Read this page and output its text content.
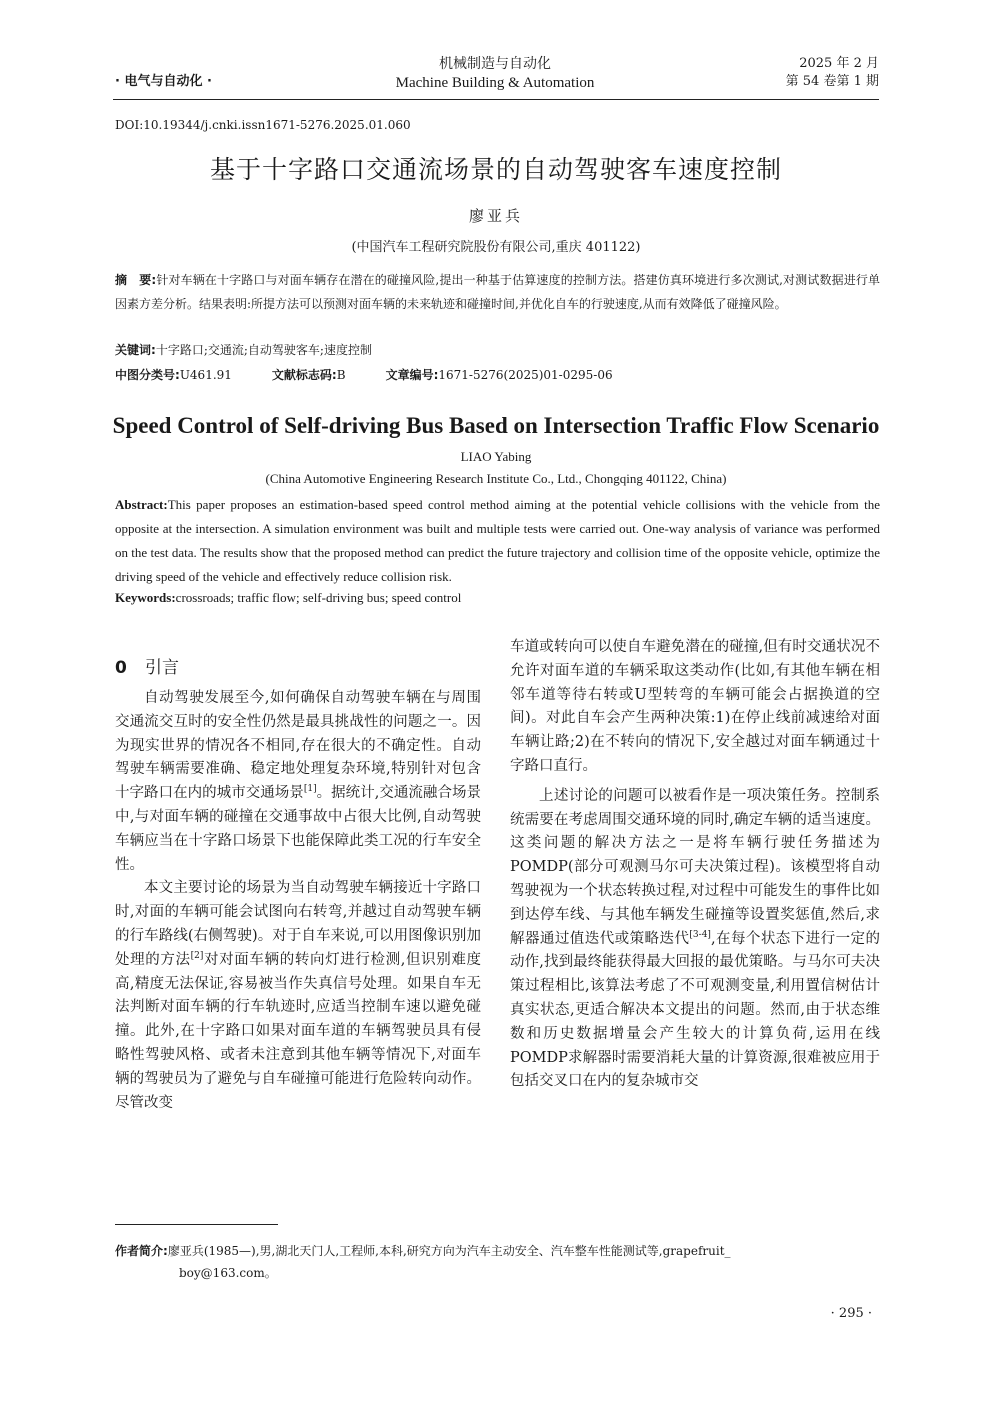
· 电气与自动化 ·
机械制造与自动化
Machine Building & Automation
2025 年 2 月
第 54 卷第 1 期
DOI:10.19344/j.cnki.issn1671-5276.2025.01.060
基于十字路口交通流场景的自动驾驶客车速度控制
廖亚兵
(中国汽车工程研究院股份有限公司,重庆 401122)
摘　要:针对车辆在十字路口与对面车辆存在潜在的碰撞风险,提出一种基于估算速度的控制方法。搭建仿真环境进行多次测试,对测试数据进行单因素方差分析。结果表明:所提方法可以预测对面车辆的未来轨迹和碰撞时间,并优化自车的行驶速度,从而有效降低了碰撞风险。
关键词:十字路口;交通流;自动驾驶客车;速度控制
中图分类号:U461.91	文献标志码:B	文章编号:1671-5276(2025)01-0295-06
Speed Control of Self-driving Bus Based on Intersection Traffic Flow Scenario
LIAO Yabing
(China Automotive Engineering Research Institute Co., Ltd., Chongqing 401122, China)
Abstract:This paper proposes an estimation-based speed control method aiming at the potential vehicle collisions with the vehicle from the opposite at the intersection. A simulation environment was built and multiple tests were carried out. One-way analysis of variance was performed on the test data. The results show that the proposed method can predict the future trajectory and collision time of the opposite vehicle, optimize the driving speed of the vehicle and effectively reduce collision risk.
Keywords:crossroads; traffic flow; self-driving bus; speed control
0 引言

自动驾驶发展至今,如何确保自动驾驶车辆在与周围交通流交互时的安全性仍然是最具挑战性的问题之一。因为现实世界的情况各不相同,存在很大的不确定性。自动驾驶车辆需要准确、稳定地处理复杂环境,特别针对包含十字路口在内的城市交通场景[1]。据统计,交通流融合场景中,与对面车辆的碰撞在交通事故中占很大比例,自动驾驶车辆应当在十字路口场景下也能保障此类工况的行车安全性。

本文主要讨论的场景为当自动驾驶车辆接近十字路口时,对面的车辆可能会试图向右转弯,并越过自动驾驶车辆的行车路线(右侧驾驶)。对于自车来说,可以用图像识别加处理的方法[2]对对面车辆的转向灯进行检测,但识别难度高,精度无法保证,容易被当作失真信号处理。如果自车无法判断对面车辆的行车轨迹时,应适当控制车速以避免碰撞。此外,在十字路口如果对面车道的车辆驾驶员具有侵略性驾驶风格、或者未注意到其他车辆等情况下,对面车辆的驾驶员为了避免与自车碰撞可能进行危险转向动作。尽管改变

车道或转向可以使自车避免潜在的碰撞,但有时交通状况不允许对面车道的车辆采取这类动作(比如,有其他车辆在相邻车道等待右转或U型转弯的车辆可能会占据换道的空间)。对此自车会产生两种决策:1)在停止线前减速给对面车辆让路;2)在不转向的情况下,安全越过对面车辆通过十字路口直行。

上述讨论的问题可以被看作是一项决策任务。控制系统需要在考虑周围交通环境的同时,确定车辆的适当速度。这类问题的解决方法之一是将车辆行驶任务描述为POMDP(部分可观测马尔可夫决策过程)。该模型将自动驾驶视为一个状态转换过程,对过程中可能发生的事件比如到达停车线、与其他车辆发生碰撞等设置奖惩值,然后,求解器通过值迭代或策略迭代[3-4],在每个状态下进行一定的动作,找到最终能获得最大回报的最优策略。与马尔可夫决策过程相比,该算法考虑了不可观测变量,利用置信树估计真实状态,更适合解决本文提出的问题。然而,由于状态维数和历史数据增量会产生较大的计算负荷,运用在线POMDP求解器时需要消耗大量的计算资源,很难被应用于包括交叉口在内的复杂城市交

作者简介:廖亚兵(1985—),男,湖北天门人,工程师,本科,研究方向为汽车主动安全、汽车整车性能测试等,grapefruit_
boy@163.com。
· 295 ·
